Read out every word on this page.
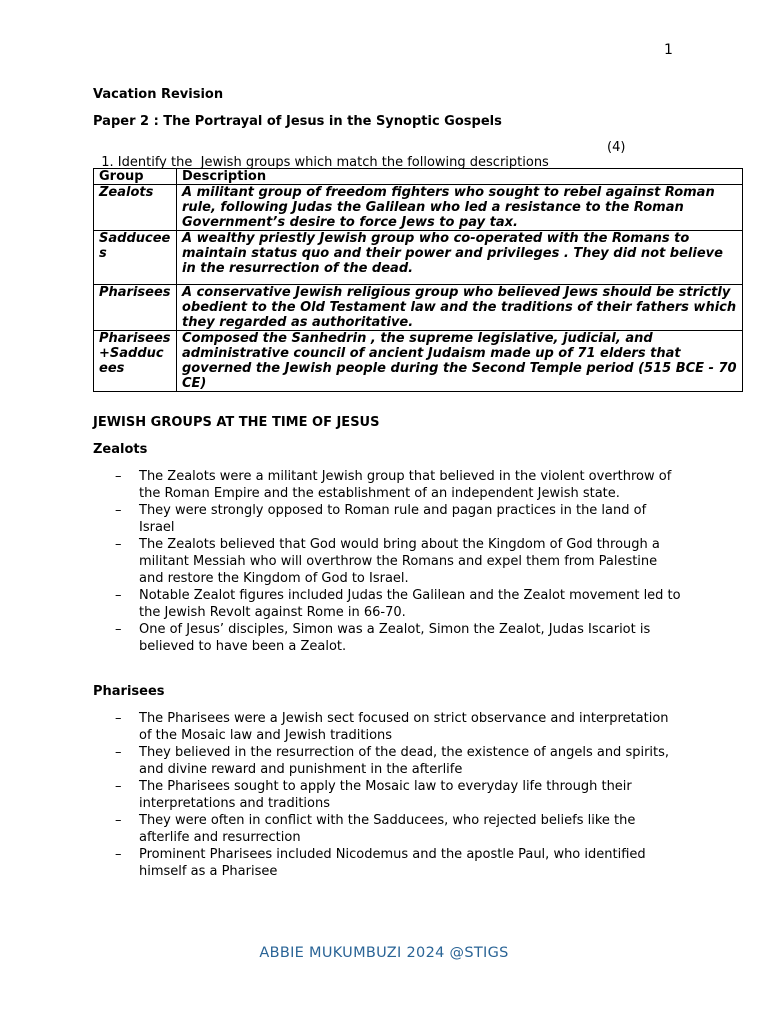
1
Vacation Revision
Paper 2 : The Portrayal of Jesus in the Synoptic Gospels

1. Identify the  Jewish groups which match the following descriptions

(4)

Group	Description
Zealots	A militant group of freedom fighters who sought to rebel against Roman rule, following Judas the Galilean who led a resistance to the Roman Government’s desire to force Jews to pay tax.
Sadducees	A wealthy priestly Jewish group who co-operated with the Romans to maintain status quo and their power and privileges . They did not believe in the resurrection of the dead.
Pharisees	A conservative Jewish religious group who believed Jews should be strictly obedient to the Old Testament law and the traditions of their fathers which they regarded as authoritative.
Pharisees +Sadducees	Composed the Sanhedrin , the supreme legislative, judicial, and administrative council of ancient Judaism made up of 71 elders that governed the Jewish people during the Second Temple period (515 BCE - 70 CE)
JEWISH GROUPS AT THE TIME OF JESUS
Zealots
– The Zealots were a militant Jewish group that believed in the violent overthrow of the Roman Empire and the establishment of an independent Jewish state.
– They were strongly opposed to Roman rule and pagan practices in the land of Israel
– The Zealots believed that God would bring about the Kingdom of God through a militant Messiah who will overthrow the Romans and expel them from Palestine and restore the Kingdom of God to Israel.
– Notable Zealot figures included Judas the Galilean and the Zealot movement led to the Jewish Revolt against Rome in 66-70.
– One of Jesus’ disciples, Simon was a Zealot, Simon the Zealot, Judas Iscariot is believed to have been a Zealot.
Pharisees
– The Pharisees were a Jewish sect focused on strict observance and interpretation of the Mosaic law and Jewish traditions
– They believed in the resurrection of the dead, the existence of angels and spirits, and divine reward and punishment in the afterlife
– The Pharisees sought to apply the Mosaic law to everyday life through their interpretations and traditions
– They were often in conflict with the Sadducees, who rejected beliefs like the afterlife and resurrection
– Prominent Pharisees included Nicodemus and the apostle Paul, who identified himself as a Pharisee
ABBIE MUKUMBUZI 2024 @STIGS
